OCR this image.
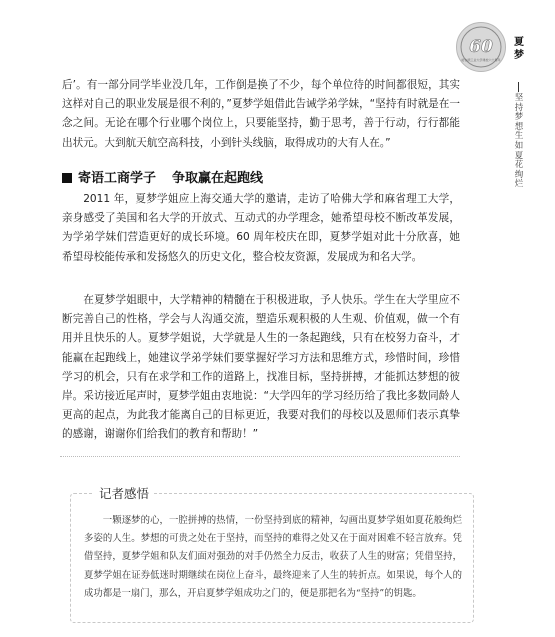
60
哈尔滨工业大学建校六十周年
夏梦
坚持梦想 生如夏花绚烂

后’。有一部分同学毕业没几年，工作倒是换了不少，每个单位待的时间都很短，其实这样对自己的职业发展是很不利的，”夏梦学姐借此告诫学弟学妹，“坚持有时就是在一念之间。无论在哪个行业哪个岗位上，只要能坚持，勤于思考，善于行动，行行都能出状元。大到航天航空高科技，小到针头线脑，取得成功的大有人在。”

寄语工商学子 争取赢在起跑线

2011 年，夏梦学姐应上海交通大学的邀请，走访了哈佛大学和麻省理工大学，亲身感受了美国和名大学的开放式、互动式的办学理念，她希望母校不断改革发展，为学弟学妹们营造更好的成长环境。60 周年校庆在即，夏梦学姐对此十分欣喜，她希望母校能传承和发扬悠久的历史文化，整合校友资源，发展成为和名大学。

在夏梦学姐眼中，大学精神的精髓在于积极进取，予人快乐。学生在大学里应不断完善自己的性格，学会与人沟通交流，塑造乐观积极的人生观、价值观，做一个有用并且快乐的人。夏梦学姐说，大学就是人生的一条起跑线，只有在校努力奋斗，才能赢在起跑线上，她建议学弟学妹们要掌握好学习方法和思维方式，珍惜时间，珍惜学习的机会，只有在求学和工作的道路上，找准目标，坚持拼搏，才能抓达梦想的彼岸。采访接近尾声时，夏梦学姐由衷地说：“大学四年的学习经历给了我比多数同龄人更高的起点，为此我才能离自己的目标更近，我要对我们的母校以及恩师们表示真挚的感谢，谢谢你们给我们的教育和帮助！”

记者感悟

一颗逐梦的心，一腔拼搏的热情，一份坚持到底的精神，勾画出夏梦学姐如夏花般绚烂多姿的人生。梦想的可贵之处在于坚持，而坚持的难得之处又在于面对困难不轻言放弃。凭借坚持，夏梦学姐和队友们面对强劲的对手仍然全力反击，收获了人生的财富；凭借坚持，夏梦学姐在证券低迷时期继续在岗位上奋斗，最终迎来了人生的转折点。如果说，每个人的成功都是一扇门，那么，开启夏梦学姐成功之门的，便是那把名为“坚持”的钥匙。
